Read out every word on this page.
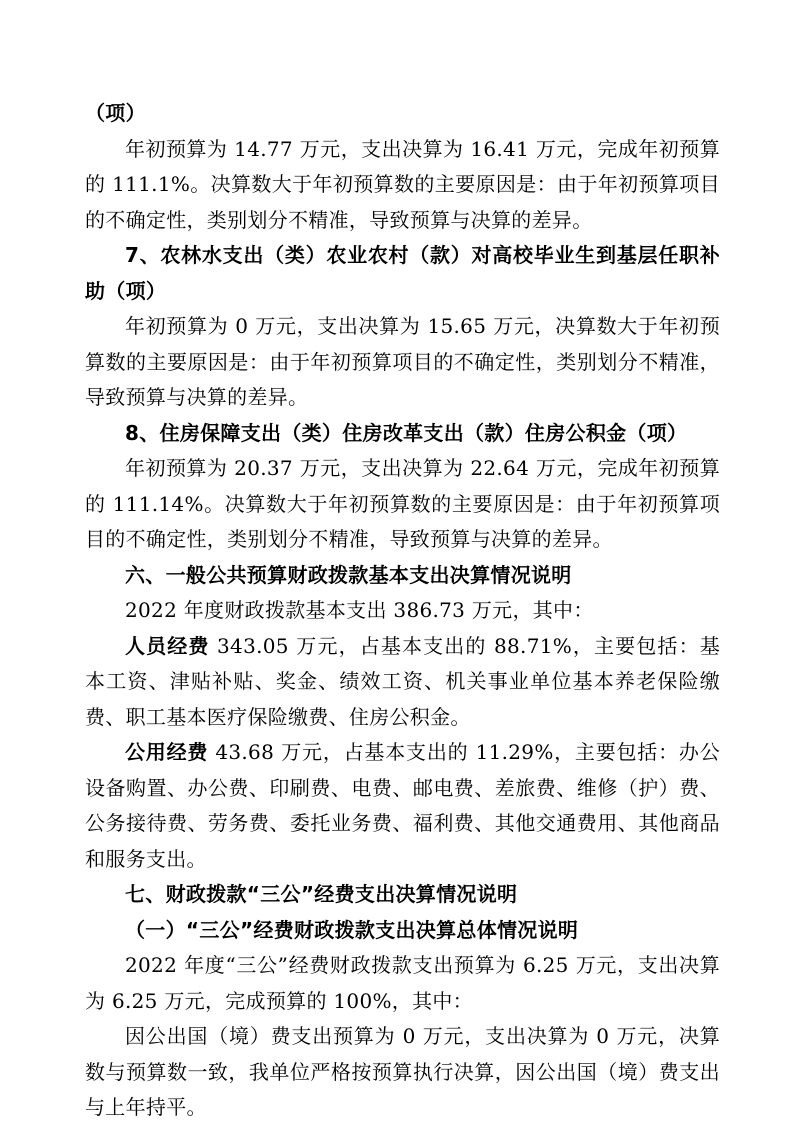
（项）

年初预算为 14.77 万元，支出决算为 16.41 万元，完成年初预算的 111.1%。决算数大于年初预算数的主要原因是：由于年初预算项目的不确定性，类别划分不精准，导致预算与决算的差异。

7、农林水支出（类）农业农村（款）对高校毕业生到基层任职补助（项）

年初预算为 0 万元，支出决算为 15.65 万元，决算数大于年初预算数的主要原因是：由于年初预算项目的不确定性，类别划分不精准，导致预算与决算的差异。

8、住房保障支出（类）住房改革支出（款）住房公积金（项）

年初预算为 20.37 万元，支出决算为 22.64 万元，完成年初预算的 111.14%。决算数大于年初预算数的主要原因是：由于年初预算项目的不确定性，类别划分不精准，导致预算与决算的差异。

六、一般公共预算财政拨款基本支出决算情况说明

2022 年度财政拨款基本支出 386.73 万元，其中：

人员经费 343.05 万元，占基本支出的 88.71%，主要包括：基本工资、津贴补贴、奖金、绩效工资、机关事业单位基本养老保险缴费、职工基本医疗保险缴费、住房公积金。

公用经费 43.68 万元，占基本支出的 11.29%，主要包括：办公设备购置、办公费、印刷费、电费、邮电费、差旅费、维修（护）费、公务接待费、劳务费、委托业务费、福利费、其他交通费用、其他商品和服务支出。

七、财政拨款“三公”经费支出决算情况说明

（一）“三公”经费财政拨款支出决算总体情况说明

2022 年度“三公”经费财政拨款支出预算为 6.25 万元，支出决算为 6.25 万元，完成预算的 100%，其中：

因公出国（境）费支出预算为 0 万元，支出决算为 0 万元，决算数与预算数一致，我单位严格按预算执行决算，因公出国（境）费支出与上年持平。
